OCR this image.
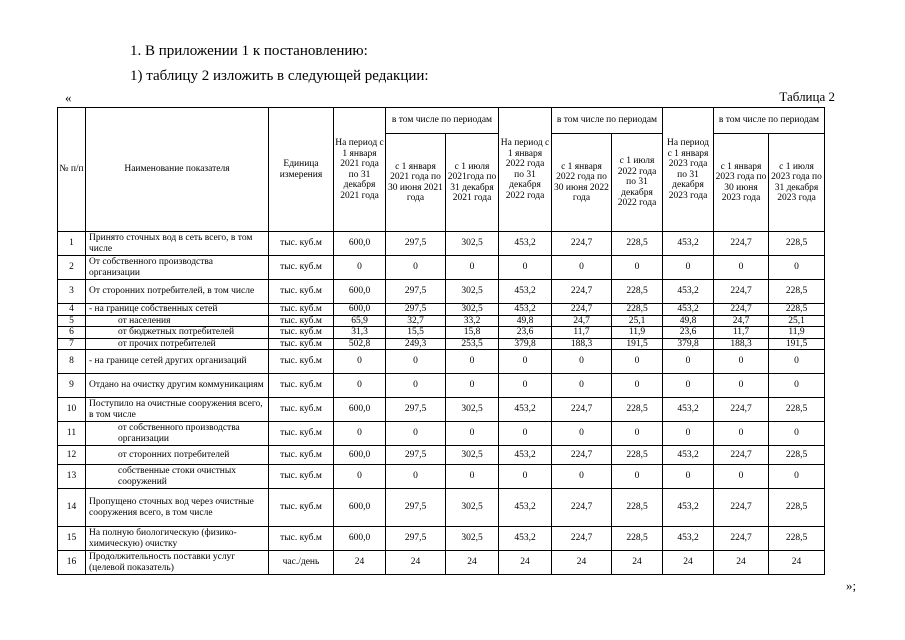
1. В приложении 1 к постановлению:
1) таблицу 2 изложить в следующей редакции:
«	Таблица 2
№ п/п	Наименование показателя	Единица измерения	На период с 1 января 2021 года по 31 декабря 2021 года	в том числе по периодам		На период с 1 января 2022 года по 31 декабря 2022 года	в том числе по периодам		На период с 1 января 2023 года по 31 декабря 2023 года	в том числе по периодам	
				с 1 января 2021 года по 30 июня 2021 года	с 1 июля 2021года по 31 декабря 2021 года		с 1 января 2022 года по 30 июня 2022 года	с 1 июля 2022 года по 31 декабря 2022 года		с 1 января 2023 года по 30 июня 2023 года	с 1 июля 2023 года по 31 декабря 2023 года
1	Принято сточных вод в сеть всего, в том числе	тыс. куб.м	600,0	297,5	302,5	453,2	224,7	228,5	453,2	224,7	228,5
2	От собственного производства организации	тыс. куб.м	0	0	0	0	0	0	0	0	0
3	От сторонних потребителей, в том числе	тыс. куб.м	600,0	297,5	302,5	453,2	224,7	228,5	453,2	224,7	228,5
4	- на границе собственных сетей	тыс. куб.м	600,0	297,5	302,5	453,2	224,7	228,5	453,2	224,7	228,5
5	от населения	тыс. куб.м	65,9	32,7	33,2	49,8	24,7	25,1	49,8	24,7	25,1
6	от бюджетных потребителей	тыс. куб.м	31,3	15,5	15,8	23,6	11,7	11,9	23,6	11,7	11,9
7	от прочих потребителей	тыс. куб.м	502,8	249,3	253,5	379,8	188,3	191,5	379,8	188,3	191,5
8	- на границе сетей других организаций	тыс. куб.м	0	0	0	0	0	0	0	0	0
9	Отдано на очистку другим коммуникациям	тыс. куб.м	0	0	0	0	0	0	0	0	0
10	Поступило на очистные сооружения всего, в том числе	тыс. куб.м	600,0	297,5	302,5	453,2	224,7	228,5	453,2	224,7	228,5
11	от собственного производства организации	тыс. куб.м	0	0	0	0	0	0	0	0	0
12	от сторонних потребителей	тыс. куб.м	600,0	297,5	302,5	453,2	224,7	228,5	453,2	224,7	228,5
13	собственные стоки очистных сооружений	тыс. куб.м	0	0	0	0	0	0	0	0	0
14	Пропущено сточных вод через очистные сооружения всего, в том числе	тыс. куб.м	600,0	297,5	302,5	453,2	224,7	228,5	453,2	224,7	228,5
15	На полную биологическую (физико-химическую) очистку	тыс. куб.м	600,0	297,5	302,5	453,2	224,7	228,5	453,2	224,7	228,5
16	Продолжительность поставки услуг (целевой показатель)	час./день	24	24	24	24	24	24	24	24	24
»;
